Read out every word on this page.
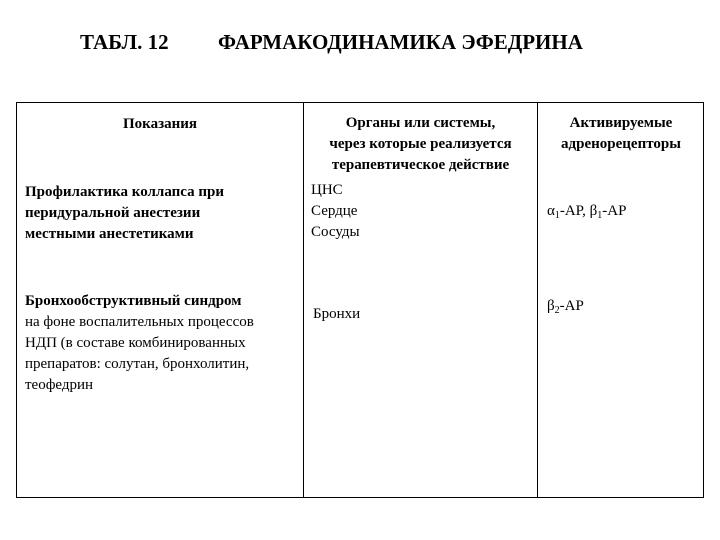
ТАБЛ. 12 ФАРМАКОДИНАМИКА ЭФЕДРИНА
Показания	Органы или системы,
через которые реализуется
терапевтическое действие
Активируемые
адренорецепторы
Профилактика коллапса при
перидуральной анестезии
местными анестетиками
ЦНС
Сердце
Сосуды
$\alpha_1-АР$, $\beta_1-АР$
Бронхообструктивный синдром
на фоне воспалительных процессов
НДП (в составе комбинированных
препаратов: солутан, бронхолитин,
теофедрин
Бронхи	$\beta_2-АР$
